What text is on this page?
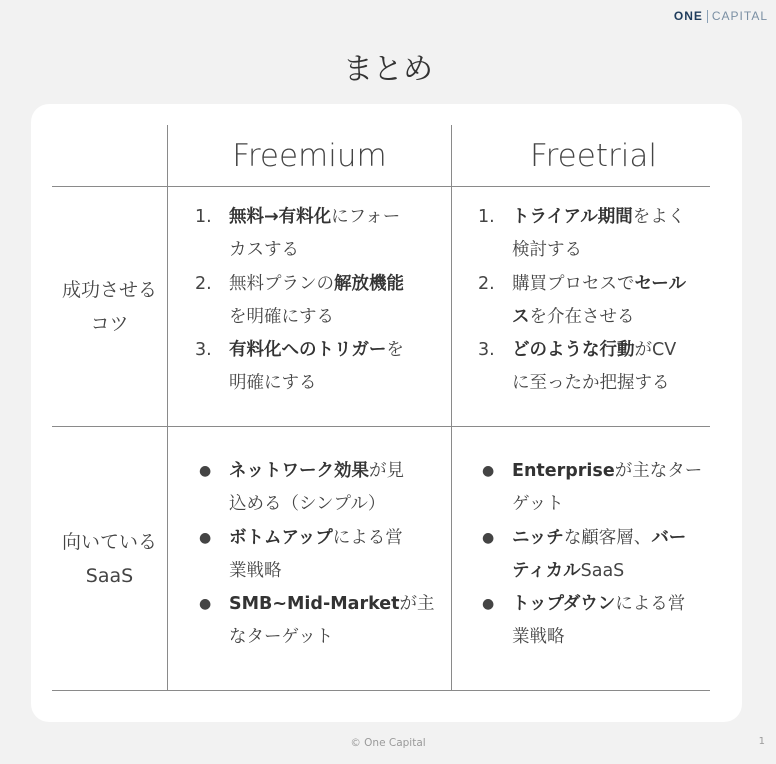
ONE CAPITAL
まとめ
Freemium	Freetrial
成功させる
コツ
向いている
SaaS
1. 無料→有料化にフォー
カスする
2. 無料プランの解放機能
を明確にする
3. 有料化へのトリガーを
明確にする
1. トライアル期間をよく
検討する
2. 購買プロセスでセール
スを介在させる
3. どのような行動がCV
に至ったか把握する
● ネットワーク効果が見
込める（シンプル）
● ボトムアップによる営
業戦略
● SMB~Mid-Marketが主
なターゲット
● Enterpriseが主なター
ゲット
● ニッチな顧客層、バー
ティカルSaaS
● トップダウンによる営
業戦略
© One Capital	1
